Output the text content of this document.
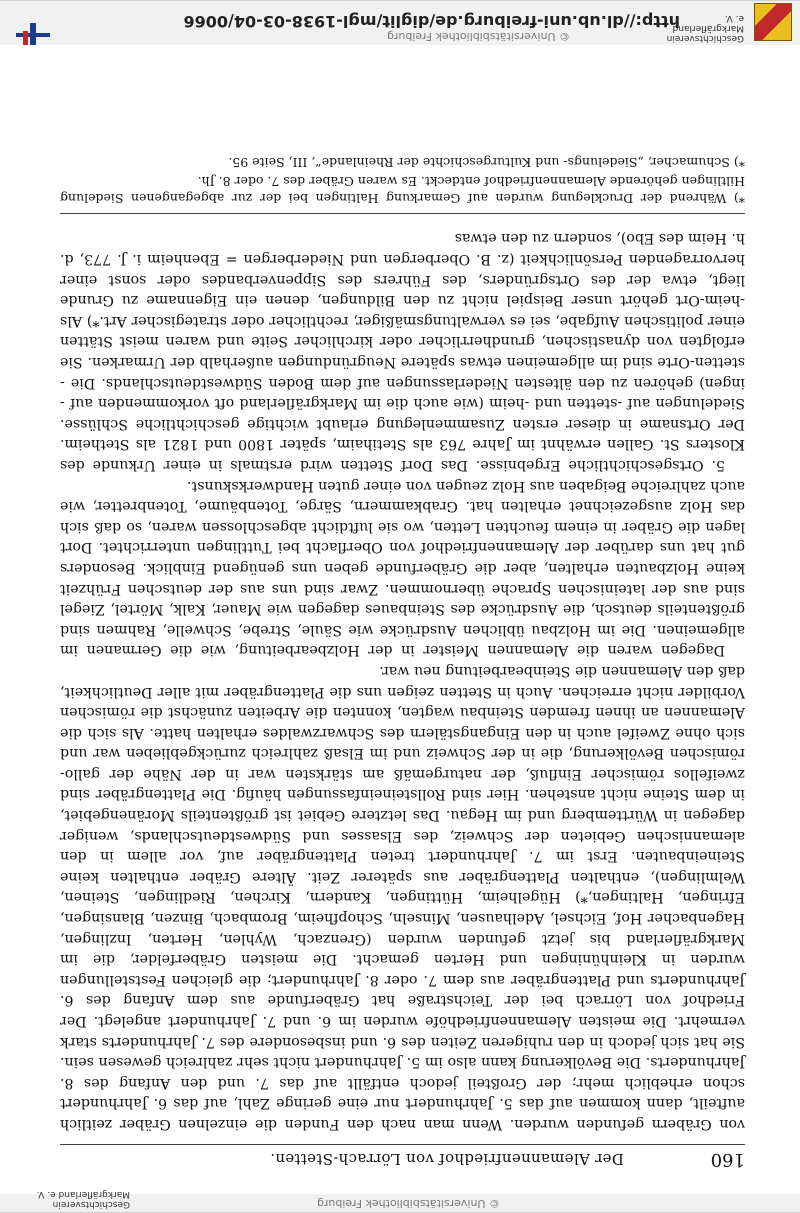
Geschichtsverein Markgräflerland e. V.
© Universitätsbibliothek Freiburg
http://dl.ub.uni-freiburg.de/diglit/mgl-1938-03-04/0066
160
Der Alemannenfriedhof von Lörrach-Stetten.

von Gräbern gefunden wurden. Wenn man nach den Funden die einzelnen Gräber zeitlich aufteilt, dann kommen auf das 5. Jahrhundert nur eine geringe Zahl, auf das 6. Jahrhundert schon erheblich mehr; der Großteil jedoch entfällt auf das 7. und den Anfang des 8. Jahrhunderts. Die Bevölkerung kann also im 5. Jahrhundert nicht sehr zahlreich gewesen sein. Sie hat sich jedoch in den ruhigeren Zeiten des 6. und insbesondere des 7. Jahrhunderts stark vermehrt. Die meisten Alemannenfriedhöfe wurden im 6. und 7. Jahrhundert angelegt. Der Friedhof von Lörrach bei der Teichstraße hat Gräberfunde aus dem Anfang des 6. Jahrhunderts und Plattengräber aus dem 7. oder 8. Jahrhundert; die gleichen Feststellungen wurden in Kleinhüningen und Herten gemacht. Die meisten Gräberfelder, die im Markgräflerland bis jetzt gefunden wurden (Grenzach, Wyhlen, Herten, Inzlingen, Hagenbacher Hof, Eichsel, Adelhausen, Minseln, Schopfheim, Brombach, Binzen, Blansingen, Efringen, Haltingen,*) Hügelheim, Hüttingen, Kandern, Kirchen, Riedlingen, Steinen, Welmlingen), enthalten Plattengräber aus späterer Zeit. Ältere Gräber enthalten keine Steineinbauten. Erst im 7. Jahrhundert treten Plattengräber auf, vor allem in den alemannischen Gebieten der Schweiz, des Elsasses und Südwestdeutschlands, weniger dagegen in Württemberg und im Hegau. Das letztere Gebiet ist größtenteils Moränengebiet, in dem Steine nicht anstehen. Hier sind Rollsteineinfassungen häufig. Die Plattengräber sind zweifellos römischer Einfluß, der naturgemäß am stärksten war in der Nähe der gallo-römischen Bevölkerung, die in der Schweiz und im Elsaß zahlreich zurückgeblieben war und sich ohne Zweifel auch in den Eingangstälern des Schwarzwaldes erhalten hatte. Als sich die Alemannen an ihnen fremden Steinbau wagten, konnten die Arbeiten zunächst die römischen Vorbilder nicht erreichen. Auch in Stetten zeigen uns die Plattengräber mit aller Deutlichkeit, daß den Alemannen die Steinbearbeitung neu war.

Dagegen waren die Alemannen Meister in der Holzbearbeitung, wie die Germanen im allgemeinen. Die im Holzbau üblichen Ausdrücke wie Säule, Strebe, Schwelle, Rahmen sind größtenteils deutsch, die Ausdrücke des Steinbaues dagegen wie Mauer, Kalk, Mörtel, Ziegel sind aus der lateinischen Sprache übernommen. Zwar sind uns aus der deutschen Frühzeit keine Holzbauten erhalten, aber die Gräberfunde geben uns genügend Einblick. Besonders gut hat uns darüber der Alemannenfriedhof von Oberflacht bei Tuttlingen unterrichtet. Dort lagen die Gräber in einem feuchten Letten, wo sie luftdicht abgeschlossen waren, so daß sich das Holz ausgezeichnet erhalten hat. Grabkammern, Särge, Totenbäume, Totenbretter, wie auch zahlreiche Beigaben aus Holz zeugen von einer guten Handwerkskunst.

5. Ortsgeschichtliche Ergebnisse. Das Dorf Stetten wird erstmals in einer Urkunde des Klosters St. Gallen erwähnt im Jahre 763 als Stetihaim, später 1800 und 1821 als Stetheim. Der Ortsname in dieser ersten Zusammenlegung erlaubt wichtige geschichtliche Schlüsse. Siedelungen auf -stetten und -heim (wie auch die im Markgräflerland oft vorkommenden auf -ingen) gehören zu den ältesten Niederlassungen auf dem Boden Südwestdeutschlands. Die -stetten-Orte sind im allgemeinen etwas spätere Neugründungen außerhalb der Urmarken. Sie erfolgten von dynastischen, grundherrlicher oder kirchlicher Seite und waren meist Stätten einer politischen Aufgabe, sei es verwaltungsmäßiger, rechtlicher oder strategischer Art.*) Als -heim-Ort gehört unser Beispiel nicht zu den Bildungen, denen ein Eigenname zu Grunde liegt, etwa der des Ortsgründers, des Führers des Sippenverbandes oder sonst einer hervorragenden Persönlichkeit (z. B. Oberbergen und Niederbergen = Ebenheim i. J. 773, d. h. Heim des Ebo), sondern zu den etwas

*) Während der Drucklegung wurden auf Gemarkung Haltingen bei der zur abgegangenen Siedelung Hiltlingen gehörende Alemannenfriedhof entdeckt. Es waren Gräber des 7. oder 8. Jh.

*) Schumacher, „Siedelungs- und Kulturgeschichte der Rheinlande“, III, Seite 95.

© Universitätsbibliothek Freiburg
Geschichtsverein Markgräflerland e. V.
